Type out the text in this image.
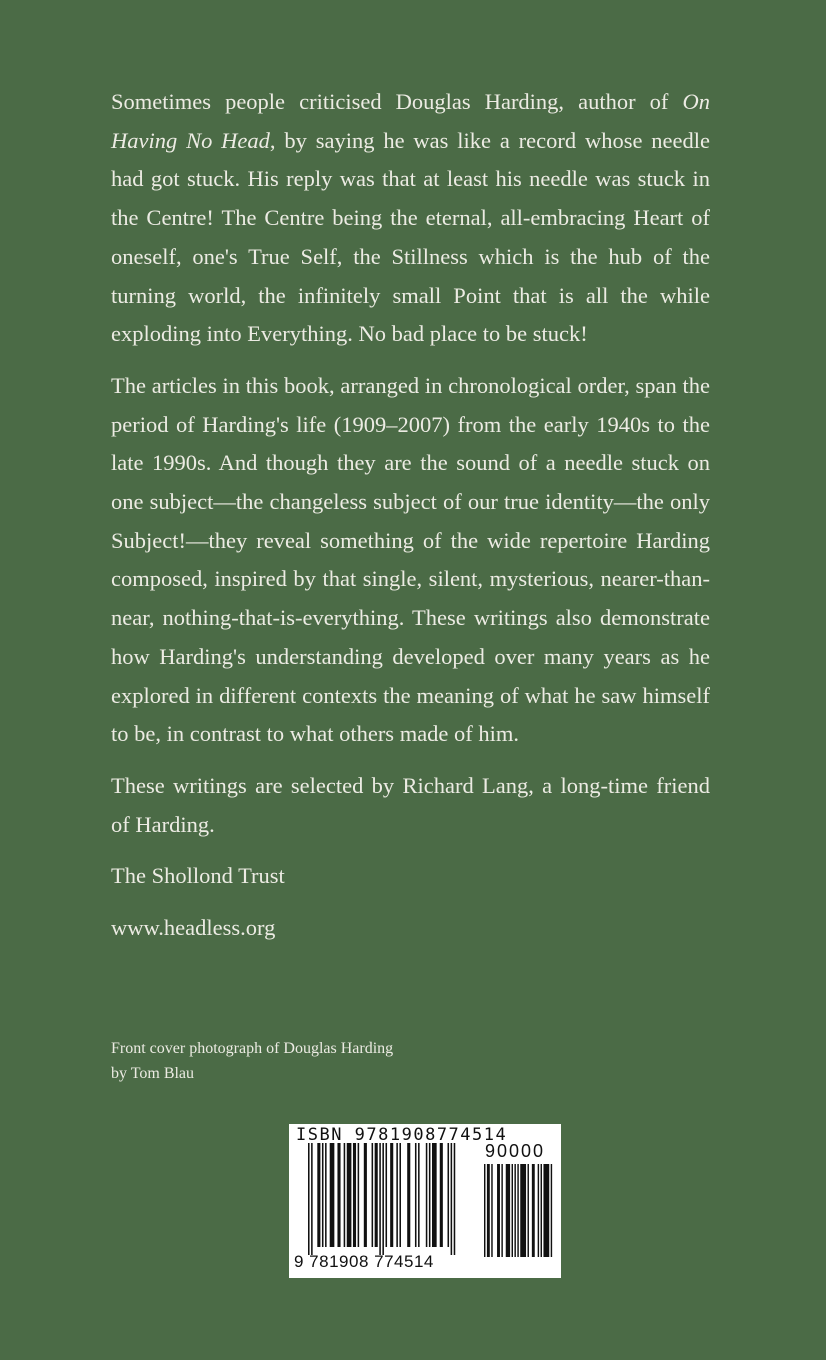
Sometimes people criticised Douglas Harding, author of On Having No Head, by saying he was like a record whose needle had got stuck. His reply was that at least his needle was stuck in the Centre! The Centre being the eternal, all-embracing Heart of oneself, one's True Self, the Stillness which is the hub of the turning world, the infinitely small Point that is all the while exploding into Everything. No bad place to be stuck!

The articles in this book, arranged in chronological order, span the period of Harding's life (1909–2007) from the early 1940s to the late 1990s. And though they are the sound of a needle stuck on one subject—the changeless subject of our true identity—the only Subject!—they reveal something of the wide repertoire Harding composed, inspired by that single, silent, mysterious, nearer-than-near, nothing-that-is-everything. These writings also demonstrate how Harding's understanding developed over many years as he explored in different contexts the meaning of what he saw himself to be, in contrast to what others made of him.

These writings are selected by Richard Lang, a long-time friend of Harding.

The Shollond Trust

www.headless.org

Front cover photograph of Douglas Harding
by Tom Blau
ISBN 9781908774514
90000
9 781908 774514
